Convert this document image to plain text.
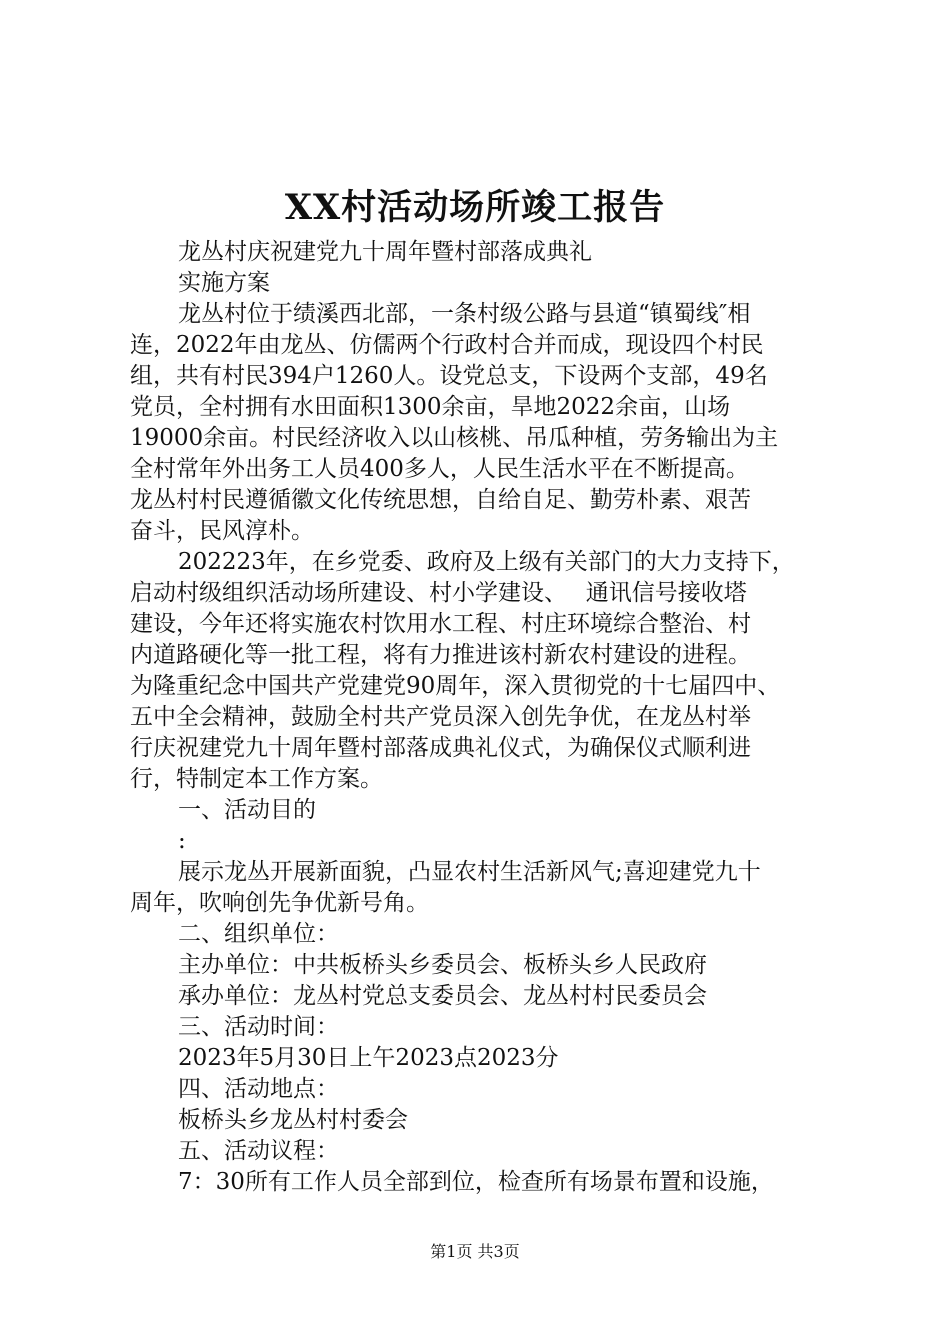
XX村活动场所竣工报告
龙丛村庆祝建党九十周年暨村部落成典礼
实施方案
龙丛村位于绩溪西北部，一条村级公路与县道“镇蜀线″相
连，2022年由龙丛、仿儒两个行政村合并而成，现设四个村民
组，共有村民394户1260人。设党总支，下设两个支部，49名
党员，全村拥有水田面积1300余亩，旱地2022余亩，山场
19000余亩。村民经济收入以山核桃、吊瓜种植，劳务输出为主
全村常年外出务工人员400多人，人民生活水平在不断提高。
龙丛村村民遵循徽文化传统思想，自给自足、勤劳朴素、艰苦
奋斗，民风淳朴。
202223年，在乡党委、政府及上级有关部门的大力支持下，
启动村级组织活动场所建设、村小学建设、　 通讯信号接收塔
建设，今年还将实施农村饮用水工程、村庄环境综合整治、村
内道路硬化等一批工程，将有力推进该村新农村建设的进程。
为隆重纪念中国共产党建党90周年，深入贯彻党的十七届四中、
五中全会精神，鼓励全村共产党员深入创先争优，在龙丛村举
行庆祝建党九十周年暨村部落成典礼仪式，为确保仪式顺利进
行，特制定本工作方案。
一、活动目的
:
展示龙丛开展新面貌，凸显农村生活新风气;喜迎建党九十
周年，吹响创先争优新号角。
二、组织单位：
主办单位：中共板桥头乡委员会、板桥头乡人民政府
承办单位：龙丛村党总支委员会、龙丛村村民委员会
三、活动时间：
2023年5月30日上午2023点2023分
四、活动地点：
板桥头乡龙丛村村委会
五、活动议程：
7：30所有工作人员全部到位，检查所有场景布置和设施，
第1页 共3页
